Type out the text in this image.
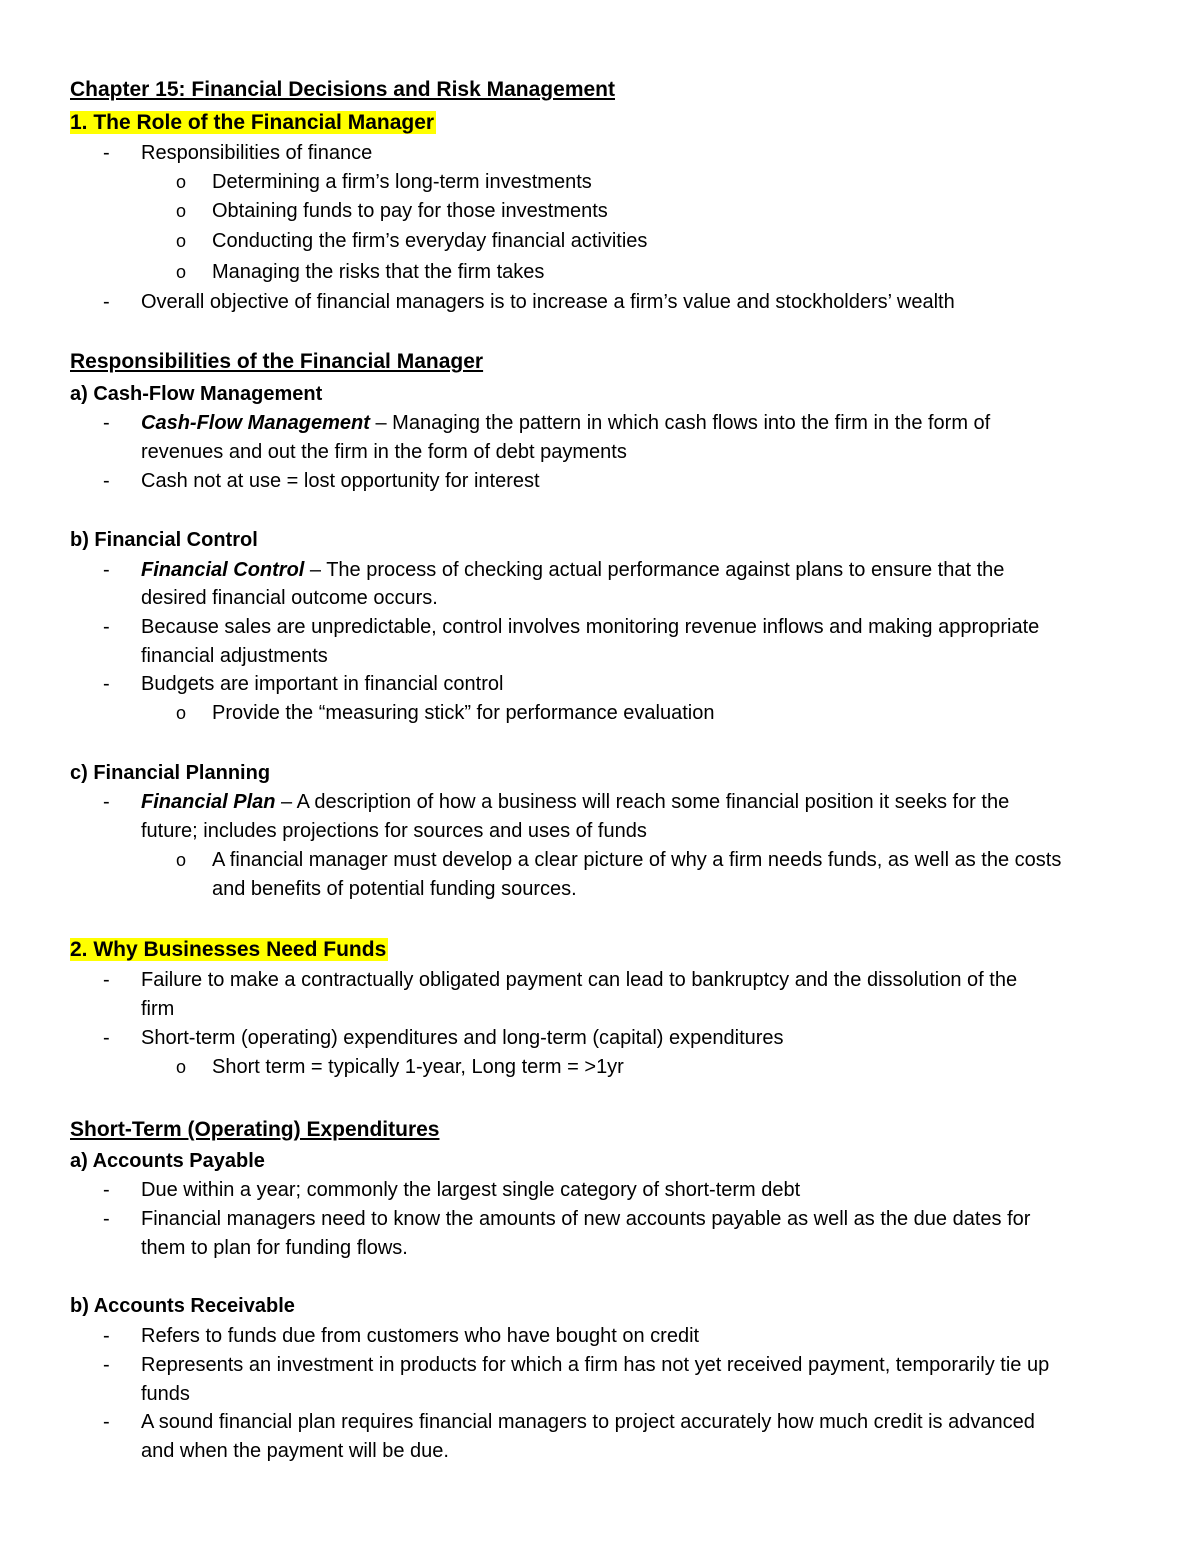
Chapter 15: Financial Decisions and Risk Management
1. The Role of the Financial Manager
- Responsibilities of finance
o Determining a firm’s long-term investments
o Obtaining funds to pay for those investments
o Conducting the firm’s everyday financial activities
o Managing the risks that the firm takes
- Overall objective of financial managers is to increase a firm’s value and stockholders’ wealth
Responsibilities of the Financial Manager
a) Cash-Flow Management
- Cash-Flow Management – Managing the pattern in which cash flows into the firm in the form of
revenues and out the firm in the form of debt payments
- Cash not at use = lost opportunity for interest
b) Financial Control
- Financial Control – The process of checking actual performance against plans to ensure that the
desired financial outcome occurs.
- Because sales are unpredictable, control involves monitoring revenue inflows and making appropriate
financial adjustments
- Budgets are important in financial control
o Provide the “measuring stick” for performance evaluation
c) Financial Planning
- Financial Plan – A description of how a business will reach some financial position it seeks for the
future; includes projections for sources and uses of funds
o A financial manager must develop a clear picture of why a firm needs funds, as well as the costs
and benefits of potential funding sources.
2. Why Businesses Need Funds
- Failure to make a contractually obligated payment can lead to bankruptcy and the dissolution of the
firm
- Short-term (operating) expenditures and long-term (capital) expenditures
o Short term = typically 1-year, Long term = >1yr
Short-Term (Operating) Expenditures
a) Accounts Payable
- Due within a year; commonly the largest single category of short-term debt
- Financial managers need to know the amounts of new accounts payable as well as the due dates for
them to plan for funding flows.
b) Accounts Receivable
- Refers to funds due from customers who have bought on credit
- Represents an investment in products for which a firm has not yet received payment, temporarily tie up
funds
- A sound financial plan requires financial managers to project accurately how much credit is advanced
and when the payment will be due.
